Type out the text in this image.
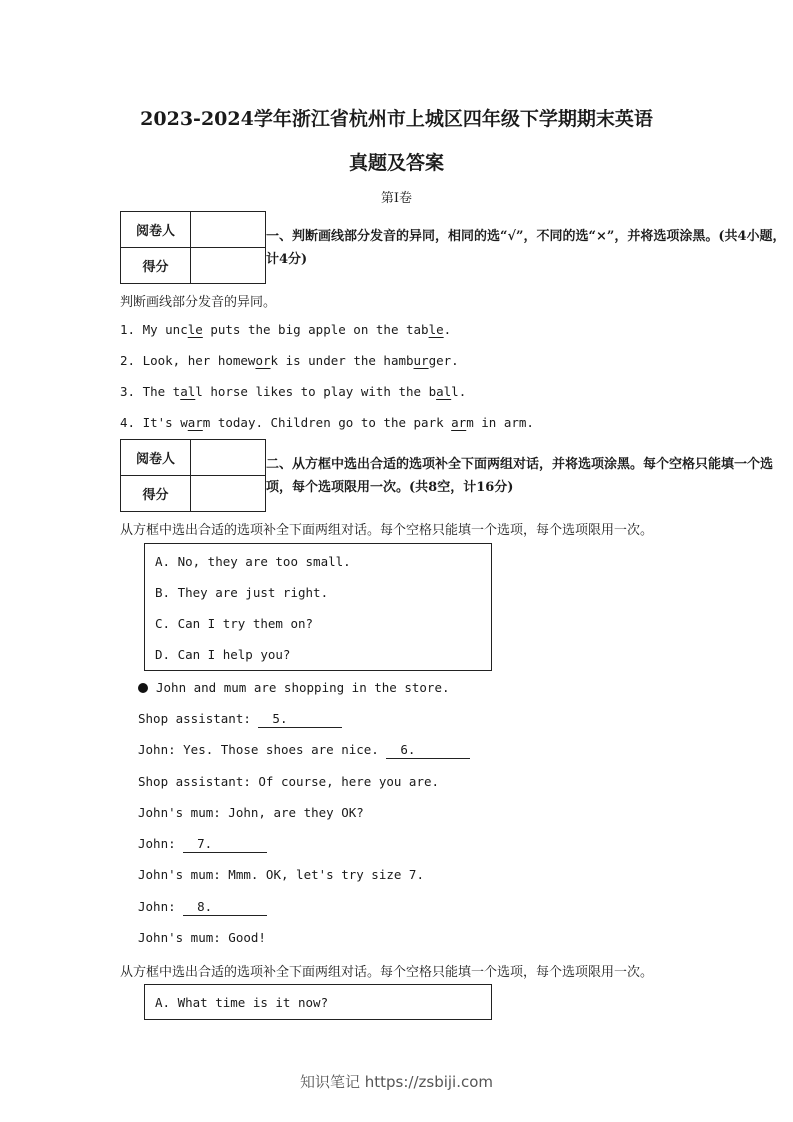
2023-2024学年浙江省杭州市上城区四年级下学期期末英语
真题及答案
第I卷
阅卷人	
得分	
一、判断画线部分发音的异同，相同的选“√”，不同的选“×”，并将选项涂黑。(共4小题，计4分)
判断画线部分发音的异同。
1. My uncle puts the big apple on the table.
2. Look, her homework is under the hamburger.
3. The tall horse likes to play with the ball.
4. It's warm today. Children go to the park arm in arm.
阅卷人	
得分	
二、从方框中选出合适的选项补全下面两组对话，并将选项涂黑。每个空格只能填一个选项，每个选项限用一次。(共8空，计16分)
从方框中选出合适的选项补全下面两组对话。每个空格只能填一个选项，每个选项限用一次。
A. No, they are too small.
B. They are just right.
C. Can I try them on?
D. Can I help you?
John and mum are shopping in the store.
Shop assistant: 5.
John: Yes. Those shoes are nice. 6.
Shop assistant: Of course, here you are.
John's mum: John, are they OK?
John: 7.
John's mum: Mmm. OK, let's try size 7.
John: 8.
John's mum: Good!
从方框中选出合适的选项补全下面两组对话。每个空格只能填一个选项，每个选项限用一次。
A. What time is it now?
知识笔记 https://zsbiji.com
